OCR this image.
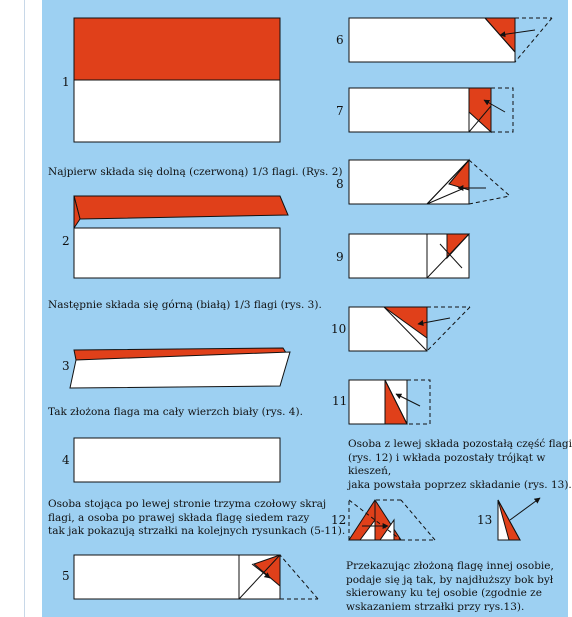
1
2
3
4
5
6
7
8
9
10
11
12	13
Najpierw składa się dolną (czerwoną) 1/3 flagi. (Rys. 2)
Następnie składa się górną (białą) 1/3 flagi (rys. 3).
Tak złożona flaga ma cały wierzch biały (rys. 4).
Osoba stojąca po lewej stronie trzyma czołowy skraj
flagi, a osoba po prawej składa flagę siedem razy
tak jak pokazują strzałki na kolejnych rysunkach (5-11).
Osoba z lewej składa pozostałą część flagi
(rys. 12) i wkłada pozostały trójkąt w kieszeń,
jaka powstała poprzez składanie (rys. 13).
Przekazując złożoną flagę innej osobie,
podaje się ją tak, by najdłuższy bok był
skierowany ku tej osobie (zgodnie ze
wskazaniem strzałki przy rys.13).
